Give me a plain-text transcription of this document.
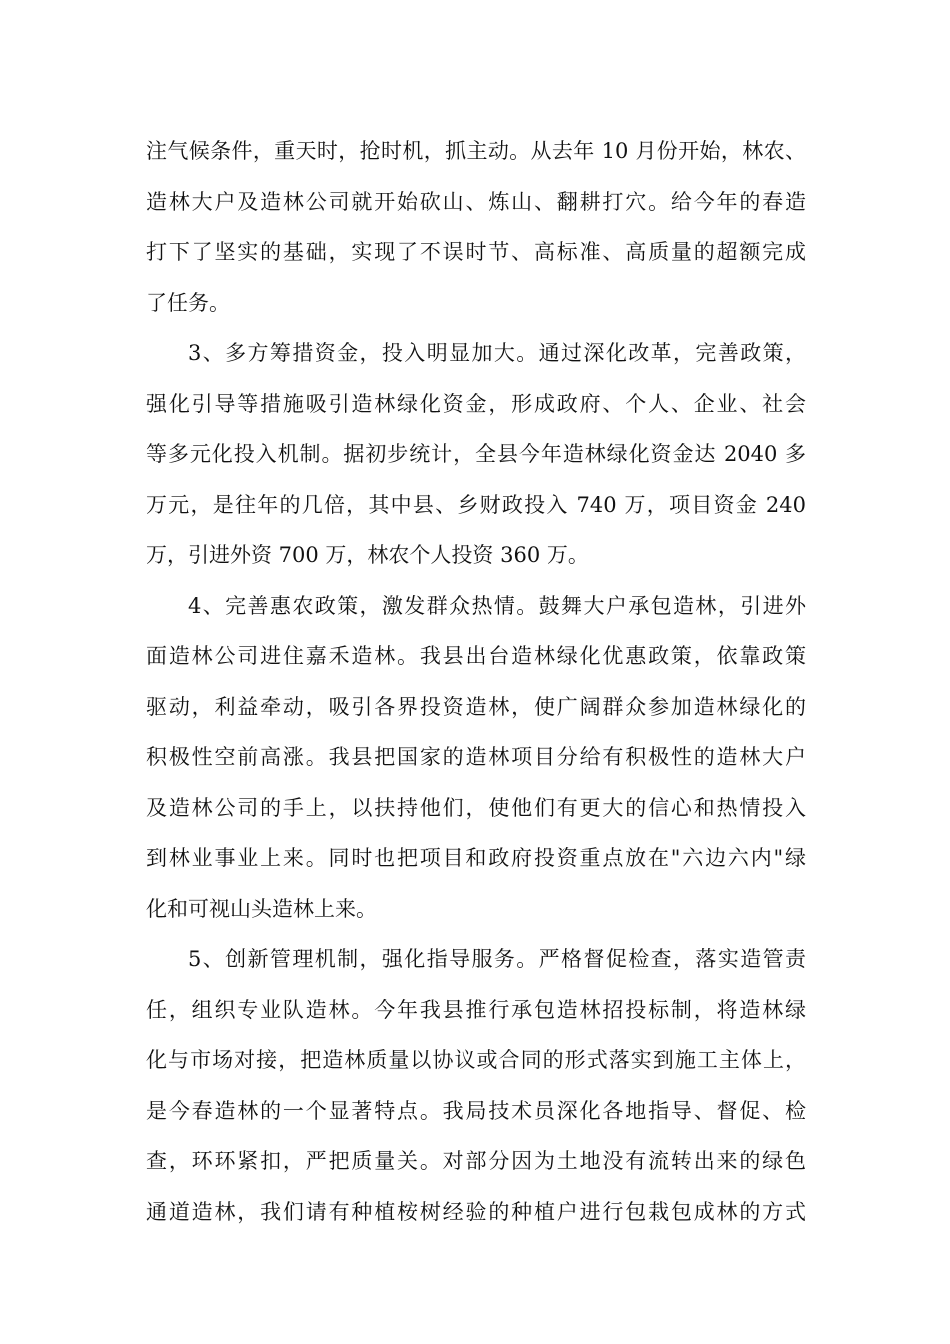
注气候条件，重天时，抢时机，抓主动。从去年 10 月份开始，林农、
造林大户及造林公司就开始砍山、炼山、翻耕打穴。给今年的春造
打下了坚实的基础，实现了不误时节、高标准、高质量的超额完成
了任务。
3、多方筹措资金，投入明显加大。通过深化改革，完善政策，
强化引导等措施吸引造林绿化资金，形成政府、个人、企业、社会
等多元化投入机制。据初步统计，全县今年造林绿化资金达 2040 多
万元，是往年的几倍，其中县、乡财政投入 740 万，项目资金 240
万，引进外资 700 万，林农个人投资 360 万。
4、完善惠农政策，激发群众热情。鼓舞大户承包造林，引进外
面造林公司进住嘉禾造林。我县出台造林绿化优惠政策，依靠政策
驱动，利益牵动，吸引各界投资造林，使广阔群众参加造林绿化的
积极性空前高涨。我县把国家的造林项目分给有积极性的造林大户
及造林公司的手上，以扶持他们，使他们有更大的信心和热情投入
到林业事业上来。同时也把项目和政府投资重点放在"六边六内"绿
化和可视山头造林上来。
5、创新管理机制，强化指导服务。严格督促检查，落实造管责
任，组织专业队造林。今年我县推行承包造林招投标制，将造林绿
化与市场对接，把造林质量以协议或合同的形式落实到施工主体上，
是今春造林的一个显著特点。我局技术员深化各地指导、督促、检
查，环环紧扣，严把质量关。对部分因为土地没有流转出来的绿色
通道造林，我们请有种植桉树经验的种植户进行包栽包成林的方式
